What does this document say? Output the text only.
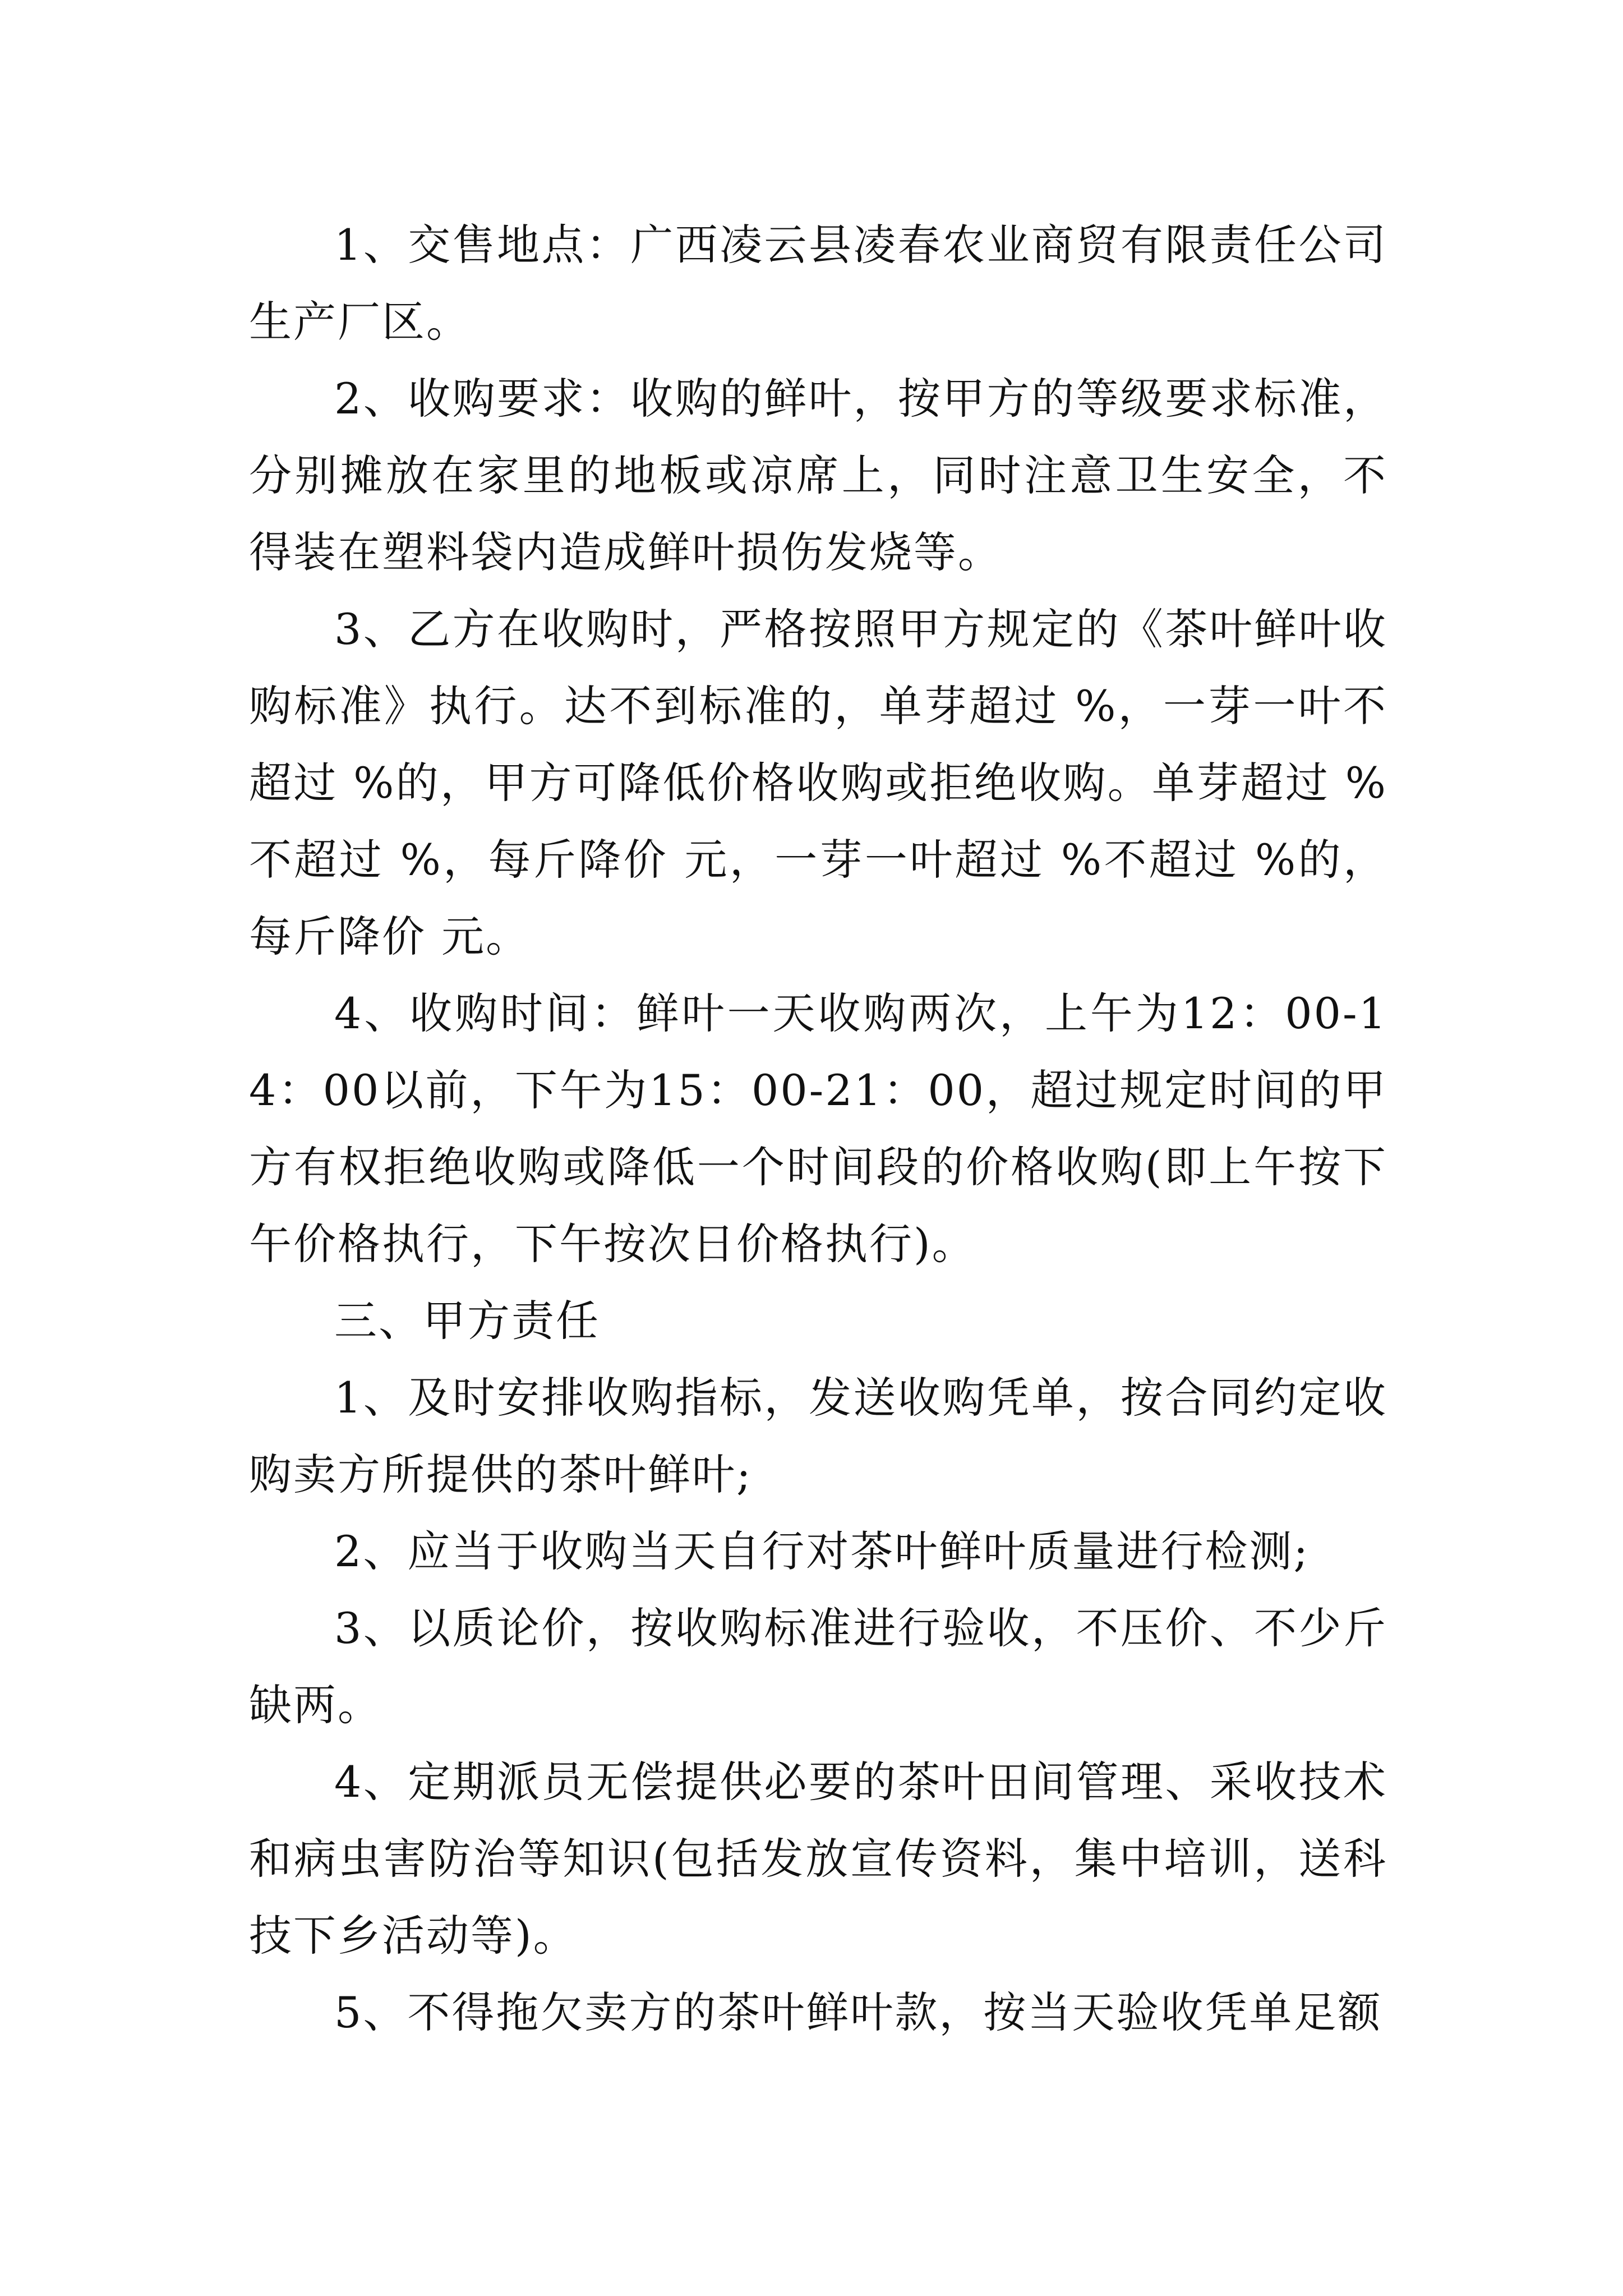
1、交售地点：广西凌云县凌春农业商贸有限责任公司生产厂区。

2、收购要求：收购的鲜叶，按甲方的等级要求标准，分别摊放在家里的地板或凉席上，同时注意卫生安全，不得装在塑料袋内造成鲜叶损伤发烧等。

3、乙方在收购时，严格按照甲方规定的《茶叶鲜叶收购标准》执行。达不到标准的，单芽超过 %，一芽一叶不超过 %的，甲方可降低价格收购或拒绝收购。单芽超过 %不超过 %，每斤降价 元，一芽一叶超过 %不超过 %的，每斤降价 元。

4、收购时间：鲜叶一天收购两次，上午为12：00-14：00以前，下午为15：00-21：00，超过规定时间的甲方有权拒绝收购或降低一个时间段的价格收购(即上午按下午价格执行，下午按次日价格执行)。

三、甲方责任

1、及时安排收购指标，发送收购凭单，按合同约定收购卖方所提供的茶叶鲜叶;

2、应当于收购当天自行对茶叶鲜叶质量进行检测;

3、以质论价，按收购标准进行验收，不压价、不少斤缺两。

4、定期派员无偿提供必要的茶叶田间管理、采收技术和病虫害防治等知识(包括发放宣传资料，集中培训，送科技下乡活动等)。

5、不得拖欠卖方的茶叶鲜叶款，按当天验收凭单足额
